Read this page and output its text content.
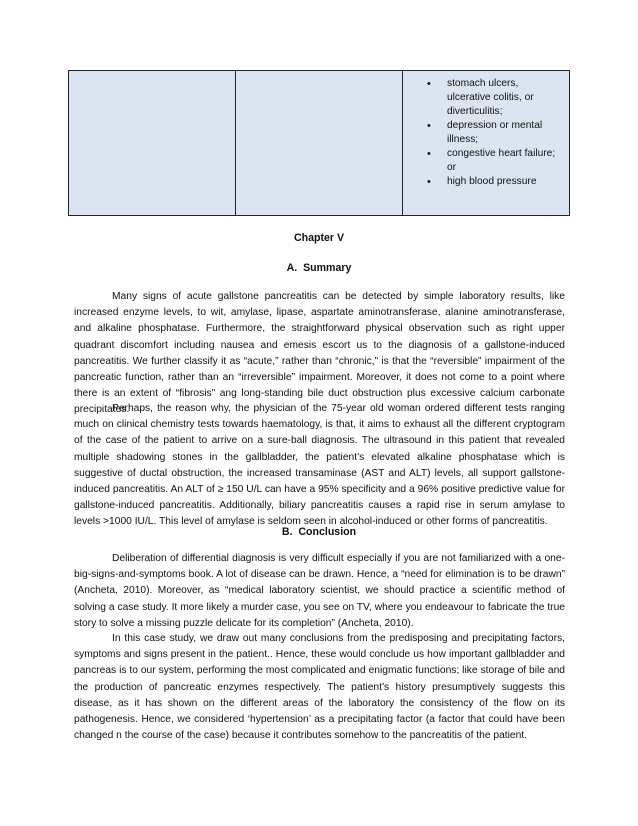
• stomach ulcers, ulcerative colitis, or diverticulitis;
• depression or mental illness;
• congestive heart failure; or
• high blood pressure
Chapter V
A.  Summary

Many signs of acute gallstone pancreatitis can be detected by simple laboratory results, like increased enzyme levels, to wit, amylase, lipase, aspartate aminotransferase, alanine aminotransferase, and alkaline phosphatase. Furthermore, the straightforward physical observation such as right upper quadrant discomfort including nausea and emesis escort us to the diagnosis of a gallstone-induced pancreatitis. We further classify it as “acute,” rather than “chronic,” is that the “reversible” impairment of the pancreatic function, rather than an “irreversible” impairment. Moreover, it does not come to a point where there is an extent of “fibrosis” ang long-standing bile duct obstruction plus excessive calcium carbonate precipitates.

Perhaps, the reason why, the physician of the 75-year old woman ordered different tests ranging much on clinical chemistry tests towards haematology, is that, it aims to exhaust all the different cryptogram of the case of the patient to arrive on a sure-ball diagnosis. The ultrasound in this patient that revealed multiple shadowing stones in the gallbladder, the patient’s elevated alkaline phosphatase which is suggestive of ductal obstruction, the increased transaminase (AST and ALT) levels, all support gallstone-induced pancreatitis. An ALT of ≥ 150 U/L can have a 95% specificity and a 96% positive predictive value for gallstone-induced pancreatitis. Additionally, biliary pancreatitis causes a rapid rise in serum amylase to levels >1000 IU/L. This level of amylase is seldom seen in alcohol-induced or other forms of pancreatitis.

B.  Conclusion

Deliberation of differential diagnosis is very difficult especially if you are not familiarized with a one-big-signs-and-symptoms book. A lot of disease can be drawn. Hence, a “need for elimination is to be drawn” (Ancheta, 2010). Moreover, as “medical laboratory scientist, we should practice a scientific method of solving a case study. It more likely a murder case, you see on TV, where you endeavour to fabricate the true story to solve a missing puzzle delicate for its completion” (Ancheta, 2010).

In this case study, we draw out many conclusions from the predisposing and precipitating factors, symptoms and signs present in the patient.. Hence, these would conclude us how important gallbladder and pancreas is to our system, performing the most complicated and enigmatic functions; like storage of bile and the production of pancreatic enzymes respectively. The patient’s history presumptively suggests this disease, as it has shown on the different areas of the laboratory the consistency of the flow on its pathogenesis. Hence, we considered ‘hypertension’ as a precipitating factor (a factor that could have been changed n the course of the case) because it contributes somehow to the pancreatitis of the patient.
